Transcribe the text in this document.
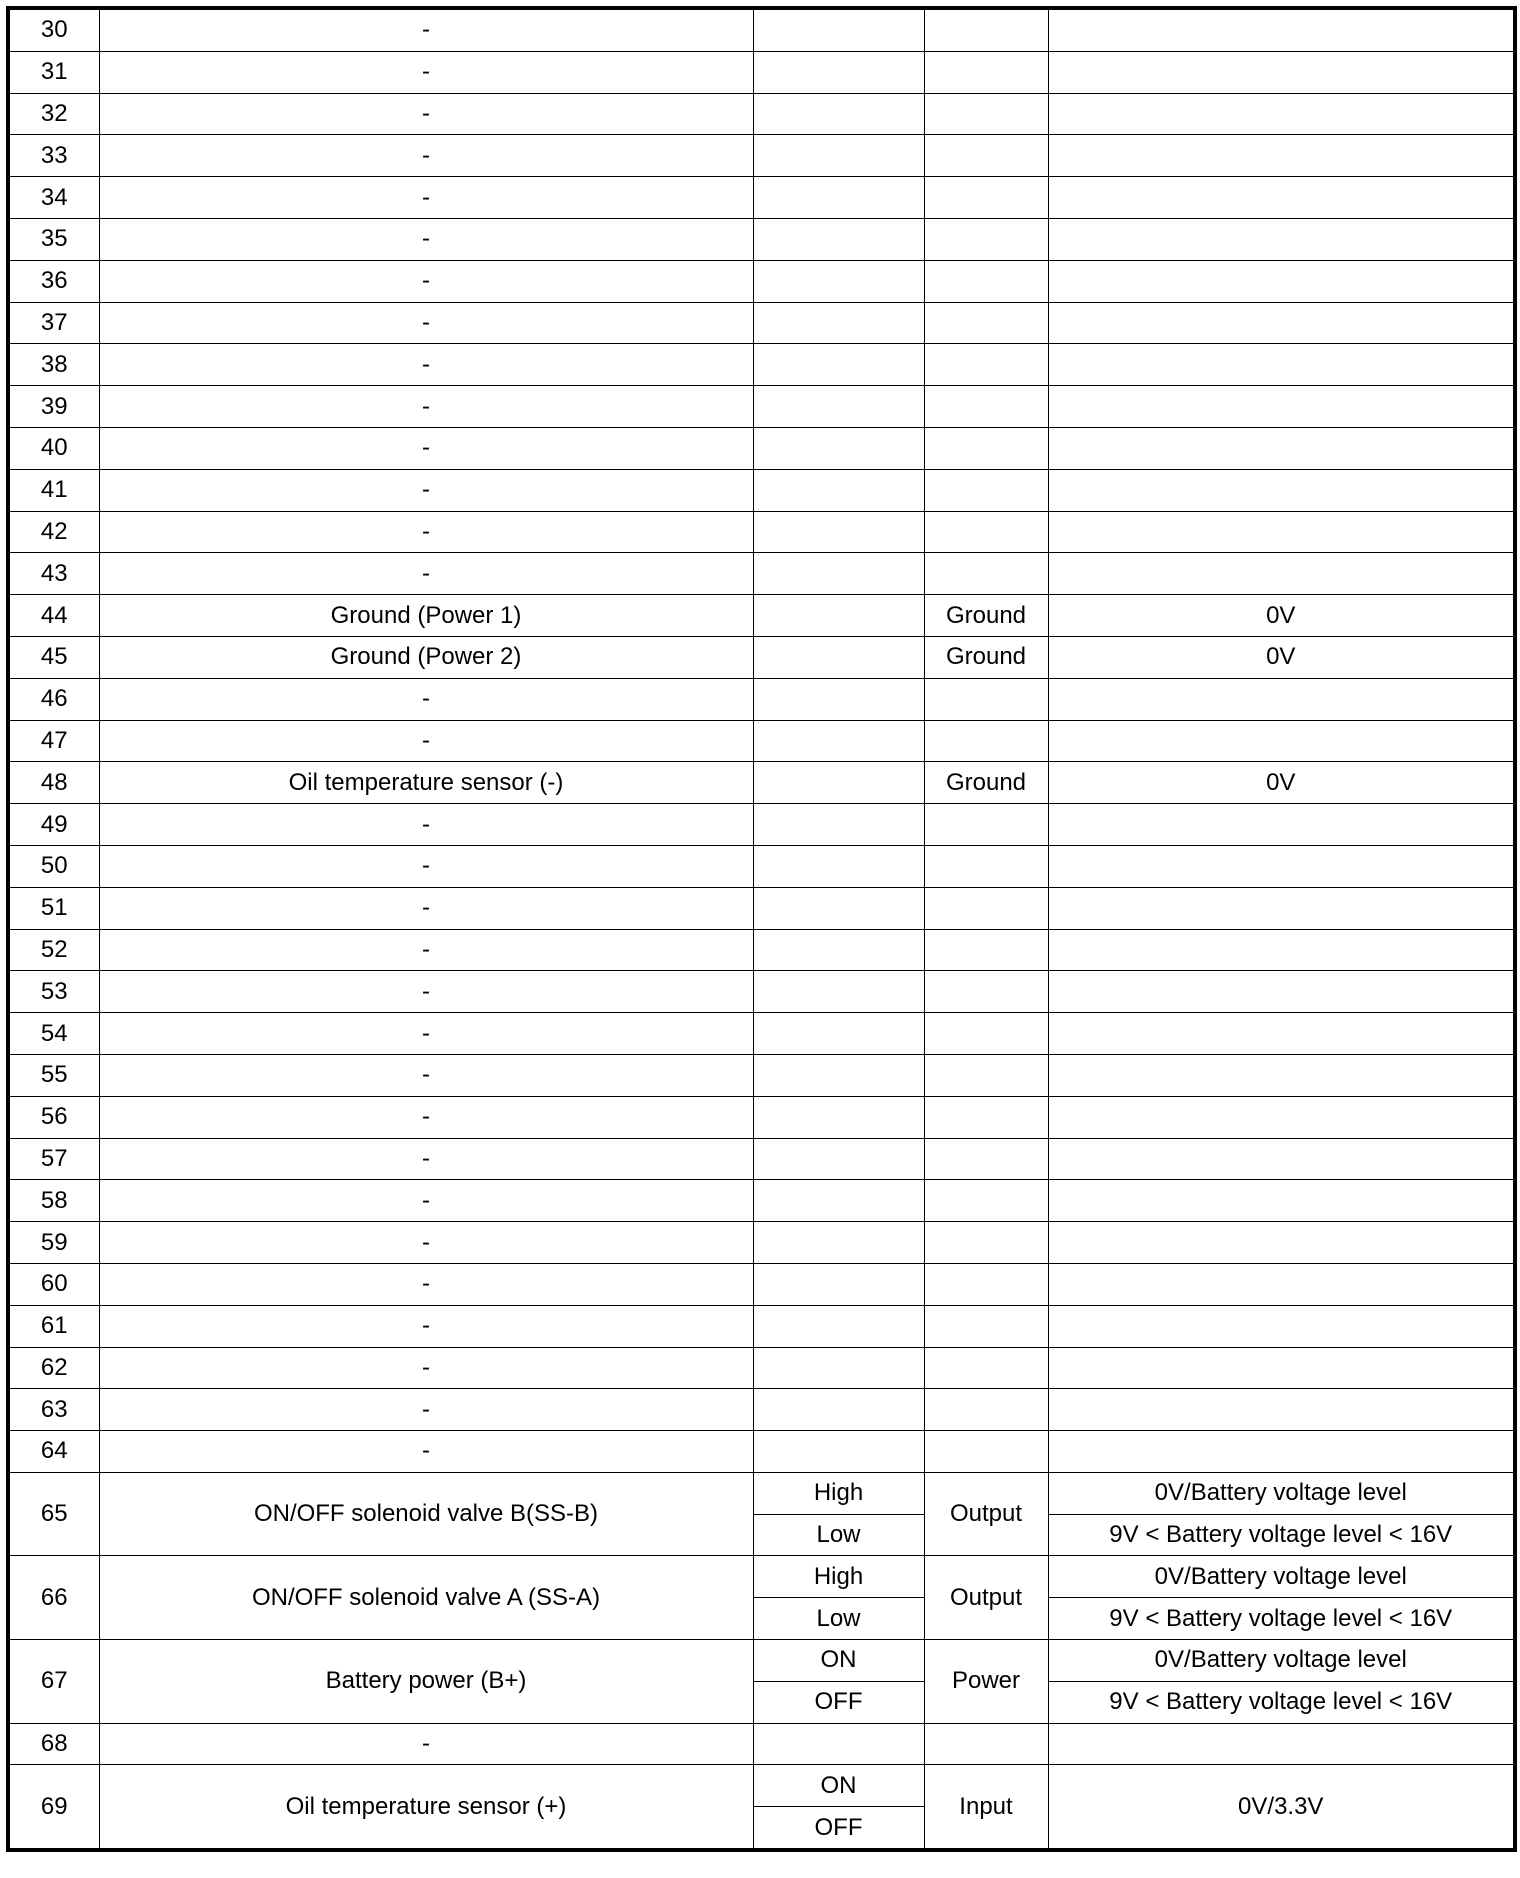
30	-			
31	-			
32	-			
33	-			
34	-			
35	-			
36	-			
37	-			
38	-			
39	-			
40	-			
41	-			
42	-			
43	-			
44	Ground (Power 1)		Ground	0V
45	Ground (Power 2)		Ground	0V
46	-			
47	-			
48	Oil temperature sensor (-)		Ground	0V
49	-			
50	-			
51	-			
52	-			
53	-			
54	-			
55	-			
56	-			
57	-			
58	-			
59	-			
60	-			
61	-			
62	-			
63	-			
64	-			
65	ON/OFF solenoid valve B(SS-B)	High	Output	0V/Battery voltage level
		Low		9V < Battery voltage level < 16V
66	ON/OFF solenoid valve A (SS-A)	High	Output	0V/Battery voltage level
		Low		9V < Battery voltage level < 16V
67	Battery power (B+)	ON	Power	0V/Battery voltage level
		OFF		9V < Battery voltage level < 16V
68	-			
69	Oil temperature sensor (+)	ON	Input	0V/3.3V
		OFF		
